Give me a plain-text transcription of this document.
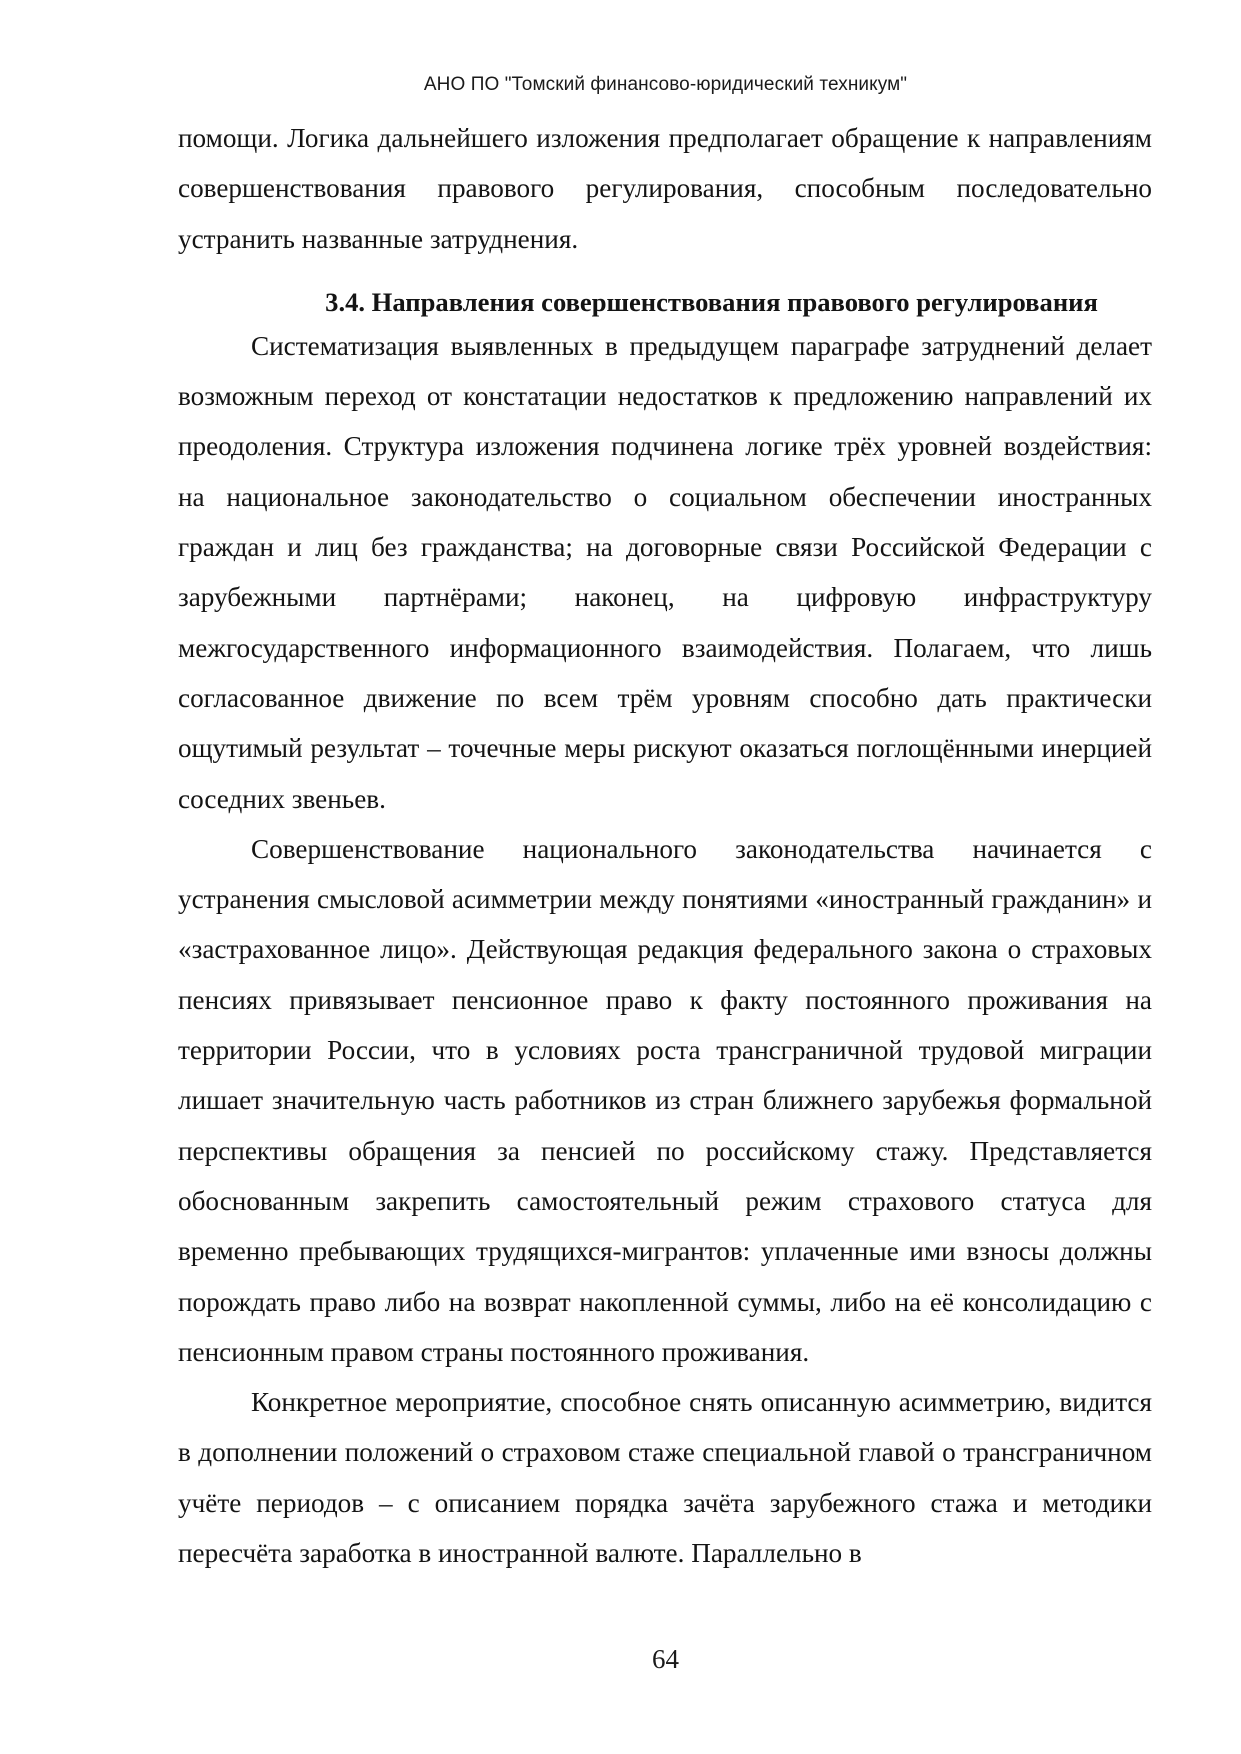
АНО ПО "Томский финансово-юридический техникум"

помощи. Логика дальнейшего изложения предполагает обращение к направлениям совершенствования правового регулирования, способным последовательно устранить названные затруднения.

3.4. Направления совершенствования правового регулирования

Систематизация выявленных в предыдущем параграфе затруднений делает возможным переход от констатации недостатков к предложению направлений их преодоления. Структура изложения подчинена логике трёх уровней воздействия: на национальное законодательство о социальном обеспечении иностранных граждан и лиц без гражданства; на договорные связи Российской Федерации с зарубежными партнёрами; наконец, на цифровую инфраструктуру межгосударственного информационного взаимодействия. Полагаем, что лишь согласованное движение по всем трём уровням способно дать практически ощутимый результат – точечные меры рискуют оказаться поглощёнными инерцией соседних звеньев.

Совершенствование национального законодательства начинается с устранения смысловой асимметрии между понятиями «иностранный гражданин» и «застрахованное лицо». Действующая редакция федерального закона о страховых пенсиях привязывает пенсионное право к факту постоянного проживания на территории России, что в условиях роста трансграничной трудовой миграции лишает значительную часть работников из стран ближнего зарубежья формальной перспективы обращения за пенсией по российскому стажу. Представляется обоснованным закрепить самостоятельный режим страхового статуса для временно пребывающих трудящихся-мигрантов: уплаченные ими взносы должны порождать право либо на возврат накопленной суммы, либо на её консолидацию с пенсионным правом страны постоянного проживания.

Конкретное мероприятие, способное снять описанную асимметрию, видится в дополнении положений о страховом стаже специальной главой о трансграничном учёте периодов – с описанием порядка зачёта зарубежного стажа и методики пересчёта заработка в иностранной валюте. Параллельно в

64
